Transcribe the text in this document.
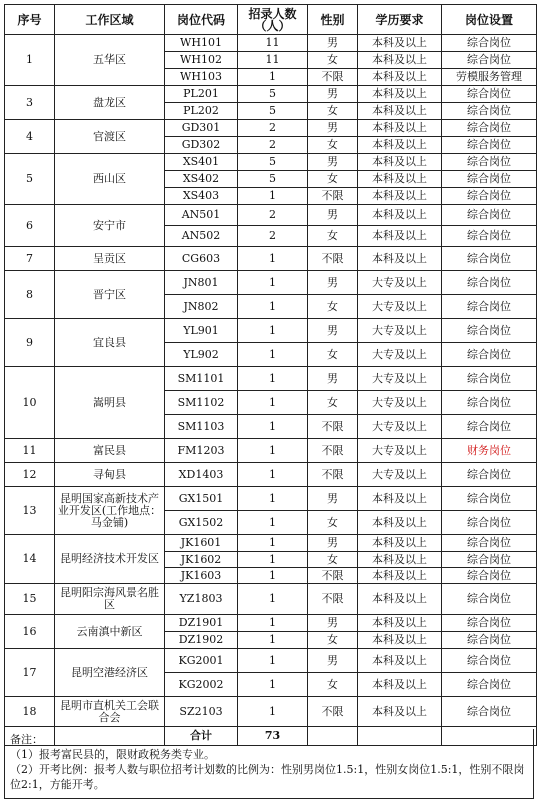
序号	工作区域	岗位代码	招录人数（人）	性别	学历要求	岗位设置
1	五华区	WH101	11	男	本科及以上	综合岗位
		WH102	11	女	本科及以上	综合岗位
		WH103	1	不限	本科及以上	劳模服务管理
3	盘龙区	PL201	5	男	本科及以上	综合岗位
		PL202	5	女	本科及以上	综合岗位
4	官渡区	GD301	2	男	本科及以上	综合岗位
		GD302	2	女	本科及以上	综合岗位
5	西山区	XS401	5	男	本科及以上	综合岗位
		XS402	5	女	本科及以上	综合岗位
		XS403	1	不限	本科及以上	综合岗位
6	安宁市	AN501	2	男	本科及以上	综合岗位
		AN502	2	女	本科及以上	综合岗位
7	呈贡区	CG603	1	不限	本科及以上	综合岗位
8	晋宁区	JN801	1	男	大专及以上	综合岗位
		JN802	1	女	大专及以上	综合岗位
9	宜良县	YL901	1	男	大专及以上	综合岗位
		YL902	1	女	大专及以上	综合岗位
10	嵩明县	SM1101	1	男	大专及以上	综合岗位
		SM1102	1	女	大专及以上	综合岗位
		SM1103	1	不限	大专及以上	综合岗位
11	富民县	FM1203	1	不限	大专及以上	财务岗位
12	寻甸县	XD1403	1	不限	大专及以上	综合岗位
13	昆明国家高新技术产业开发区(工作地点：马金铺)	GX1501	1	男	本科及以上	综合岗位
		GX1502	1	女	本科及以上	综合岗位
14	昆明经济技术开发区	JK1601	1	男	本科及以上	综合岗位
		JK1602	1	女	本科及以上	综合岗位
		JK1603	1	不限	本科及以上	综合岗位
15	昆明阳宗海风景名胜区	YZ1803	1	不限	本科及以上	综合岗位
16	云南滇中新区	DZ1901	1	男	本科及以上	综合岗位
		DZ1902	1	女	本科及以上	综合岗位
17	昆明空港经济区	KG2001	1	男	本科及以上	综合岗位
		KG2002	1	女	本科及以上	综合岗位
18	昆明市直机关工会联合会	SZ2103	1	不限	本科及以上	综合岗位
		合计	73			
备注：
（1）报考富民县的，限财政税务类专业。
（2）开考比例：报考人数与职位招考计划数的比例为：性别男岗位1.5:1，性别女岗位1.5:1，性别不限岗位2:1，方能开考。
